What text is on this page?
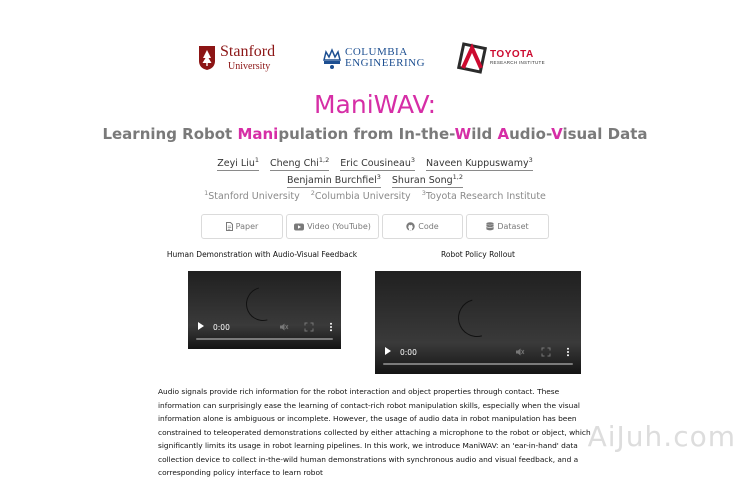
Stanford
University
COLUMBIA
ENGINEERING
TOYOTA
RESEARCH INSTITUTE
ManiWAV:
Learning Robot Manipulation from In-the-Wild Audio-Visual Data
Zeyi Liu$^1$ Cheng Chi$^{1,2}$ Eric Cousineau$^3$ Naveen Kuppuswamy$^3$
Benjamin Burchfiel$^3$ Shuran Song$^{1,2}$
$^1$Stanford University $^2$Columbia University $^3$Toyota Research Institute
Paper	Video (YouTube)	Code	Dataset
Human Demonstration with Audio-Visual Feedback	Robot Policy Rollout
0:00
0:00

Audio signals provide rich information for the robot interaction and object properties through contact. These information can surprisingly ease the learning of contact-rich robot manipulation skills, especially when the visual information alone is ambiguous or incomplete. However, the usage of audio data in robot manipulation has been constrained to teleoperated demonstrations collected by either attaching a microphone to the robot or object, which significantly limits its usage in robot learning pipelines. In this work, we introduce ManiWAV: an 'ear-in-hand' data collection device to collect in-the-wild human demonstrations with synchronous audio and visual feedback, and a corresponding policy interface to learn robot

AiJuh.com
